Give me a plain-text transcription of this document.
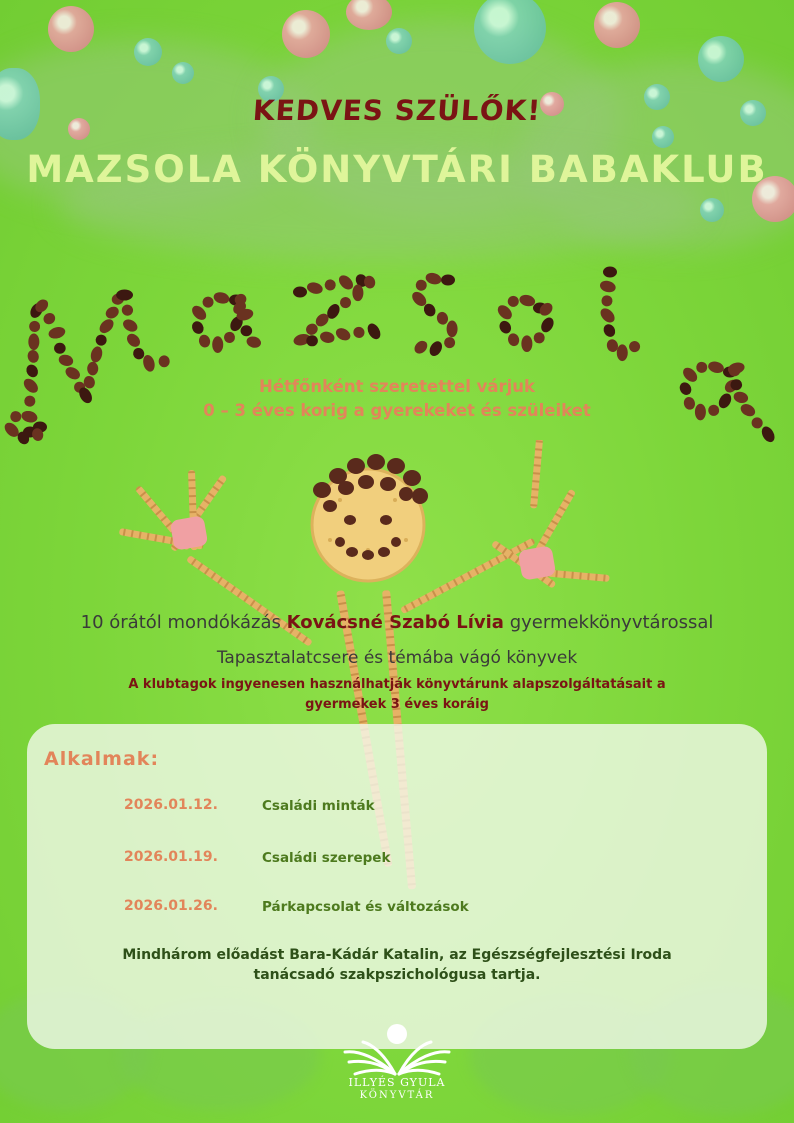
KEDVES SZÜLŐK!
MAZSOLA KÖNYVTÁRI BABAKLUB
Hétfőnként szeretettel várjuk
0 – 3 éves korig a gyerekeket és szüleiket
10 órától mondókázás Kovácsné Szabó Lívia gyermekkönyvtárossal
Tapasztalatcsere és témába vágó könyvek
A klubtagok ingyenesen használhatják könyvtárunk alapszolgáltatásait a
gyermekek 3 éves koráig
Alkalmak:
2026.01.12.	Családi minták
2026.01.19.	Családi szerepek
2026.01.26.	Párkapcsolat és változások
Mindhárom előadást Bara-Kádár Katalin, az Egészségfejlesztési Iroda
tanácsadó szakpszichológusa tartja.
ILLYÉS GYULA
KÖNYVTÁR
